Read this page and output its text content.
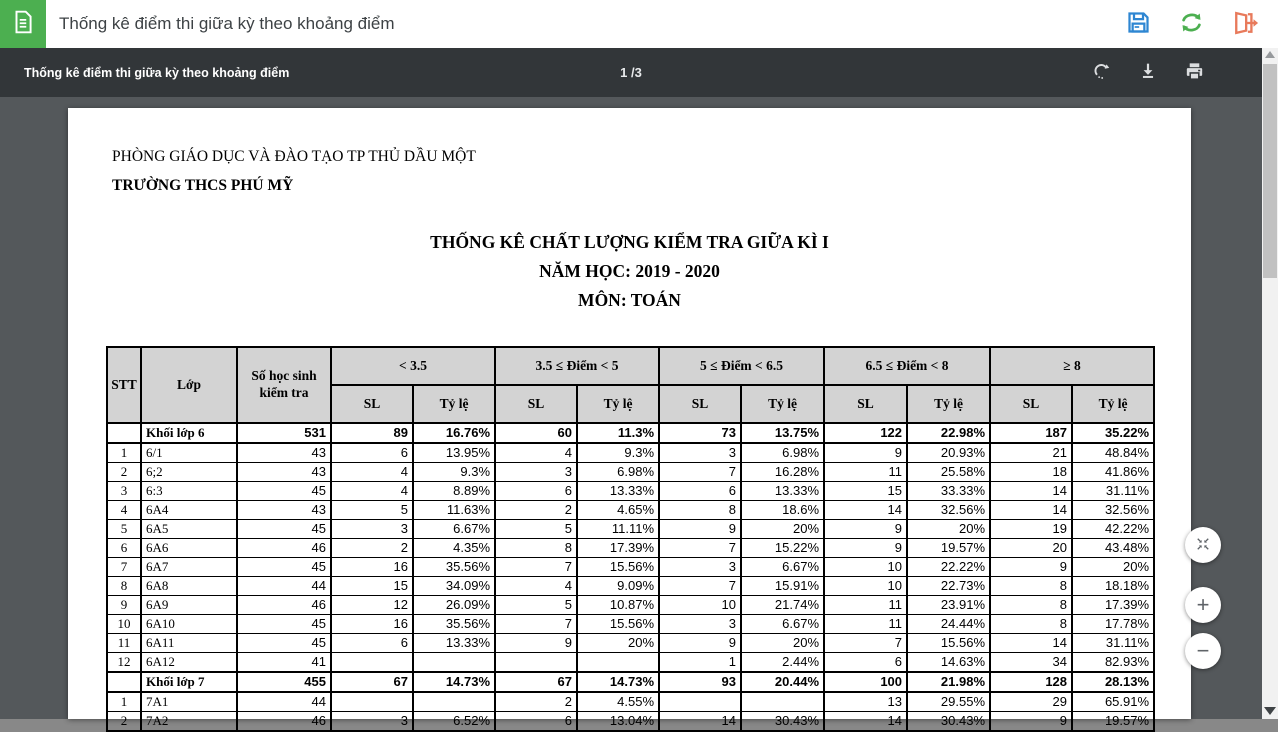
Thống kê điểm thi giữa kỳ theo khoảng điểm
Thống kê điểm thi giữa kỳ theo khoảng điểm	1 /3
PHÒNG GIÁO DỤC VÀ ĐÀO TẠO TP THỦ DẦU MỘT
TRƯỜNG THCS PHÚ MỸ
THỐNG KÊ CHẤT LƯỢNG KIỂM TRA GIỮA KÌ I
NĂM HỌC: 2019 - 2020
MÔN: TOÁN
STT	Lớp	Số học sinh kiểm tra	< 3.5		3.5 ≤ Điểm < 5		5 ≤ Điểm < 6.5		6.5 ≤ Điểm < 8		≥ 8	
			SL	Tỷ lệ	SL	Tỷ lệ	SL	Tỷ lệ	SL	Tỷ lệ	SL	Tỷ lệ
	Khối lớp 6	531	89	16.76%	60	11.3%	73	13.75%	122	22.98%	187	35.22%
1	6/1	43	6	13.95%	4	9.3%	3	6.98%	9	20.93%	21	48.84%
2	6;2	43	4	9.3%	3	6.98%	7	16.28%	11	25.58%	18	41.86%
3	6:3	45	4	8.89%	6	13.33%	6	13.33%	15	33.33%	14	31.11%
4	6A4	43	5	11.63%	2	4.65%	8	18.6%	14	32.56%	14	32.56%
5	6A5	45	3	6.67%	5	11.11%	9	20%	9	20%	19	42.22%
6	6A6	46	2	4.35%	8	17.39%	7	15.22%	9	19.57%	20	43.48%
7	6A7	45	16	35.56%	7	15.56%	3	6.67%	10	22.22%	9	20%
8	6A8	44	15	34.09%	4	9.09%	7	15.91%	10	22.73%	8	18.18%
9	6A9	46	12	26.09%	5	10.87%	10	21.74%	11	23.91%	8	17.39%
10	6A10	45	16	35.56%	7	15.56%	3	6.67%	11	24.44%	8	17.78%
11	6A11	45	6	13.33%	9	20%	9	20%	7	15.56%	14	31.11%
12	6A12	41					1	2.44%	6	14.63%	34	82.93%
	Khối lớp 7	455	67	14.73%	67	14.73%	93	20.44%	100	21.98%	128	28.13%
1	7A1	44			2	4.55%			13	29.55%	29	65.91%
2	7A2	46	3	6.52%	6	13.04%	14	30.43%	14	30.43%	9	19.57%
+
−
